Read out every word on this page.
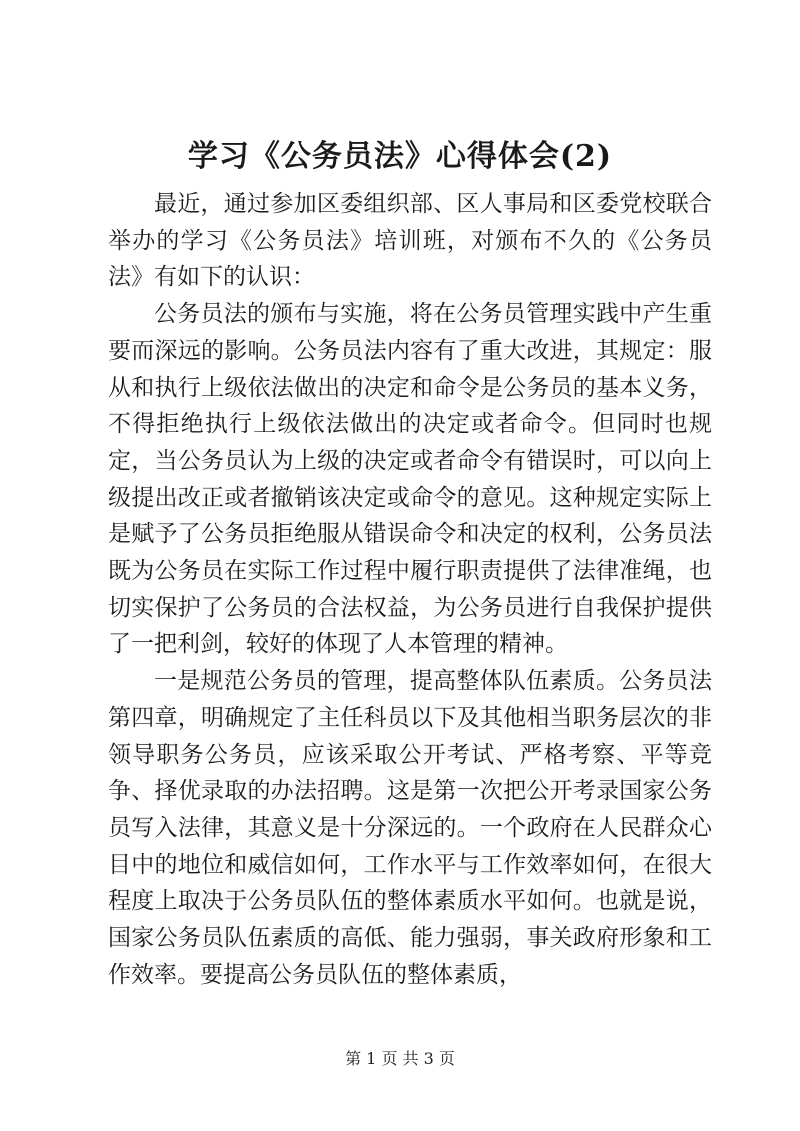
学习《公务员法》心得体会(2)

最近，通过参加区委组织部、区人事局和区委党校联合举办的学习《公务员法》培训班，对颁布不久的《公务员法》有如下的认识：

公务员法的颁布与实施，将在公务员管理实践中产生重要而深远的影响。公务员法内容有了重大改进，其规定：服从和执行上级依法做出的决定和命令是公务员的基本义务，不得拒绝执行上级依法做出的决定或者命令。但同时也规定，当公务员认为上级的决定或者命令有错误时，可以向上级提出改正或者撤销该决定或命令的意见。这种规定实际上是赋予了公务员拒绝服从错误命令和决定的权利，公务员法既为公务员在实际工作过程中履行职责提供了法律准绳，也切实保护了公务员的合法权益，为公务员进行自我保护提供了一把利剑，较好的体现了人本管理的精神。

一是规范公务员的管理，提高整体队伍素质。公务员法第四章，明确规定了主任科员以下及其他相当职务层次的非领导职务公务员，应该采取公开考试、严格考察、平等竞争、择优录取的办法招聘。这是第一次把公开考录国家公务员写入法律，其意义是十分深远的。一个政府在人民群众心目中的地位和威信如何，工作水平与工作效率如何，在很大程度上取决于公务员队伍的整体素质水平如何。也就是说，国家公务员队伍素质的高低、能力强弱，事关政府形象和工作效率。要提高公务员队伍的整体素质，

第 1 页 共 3 页
